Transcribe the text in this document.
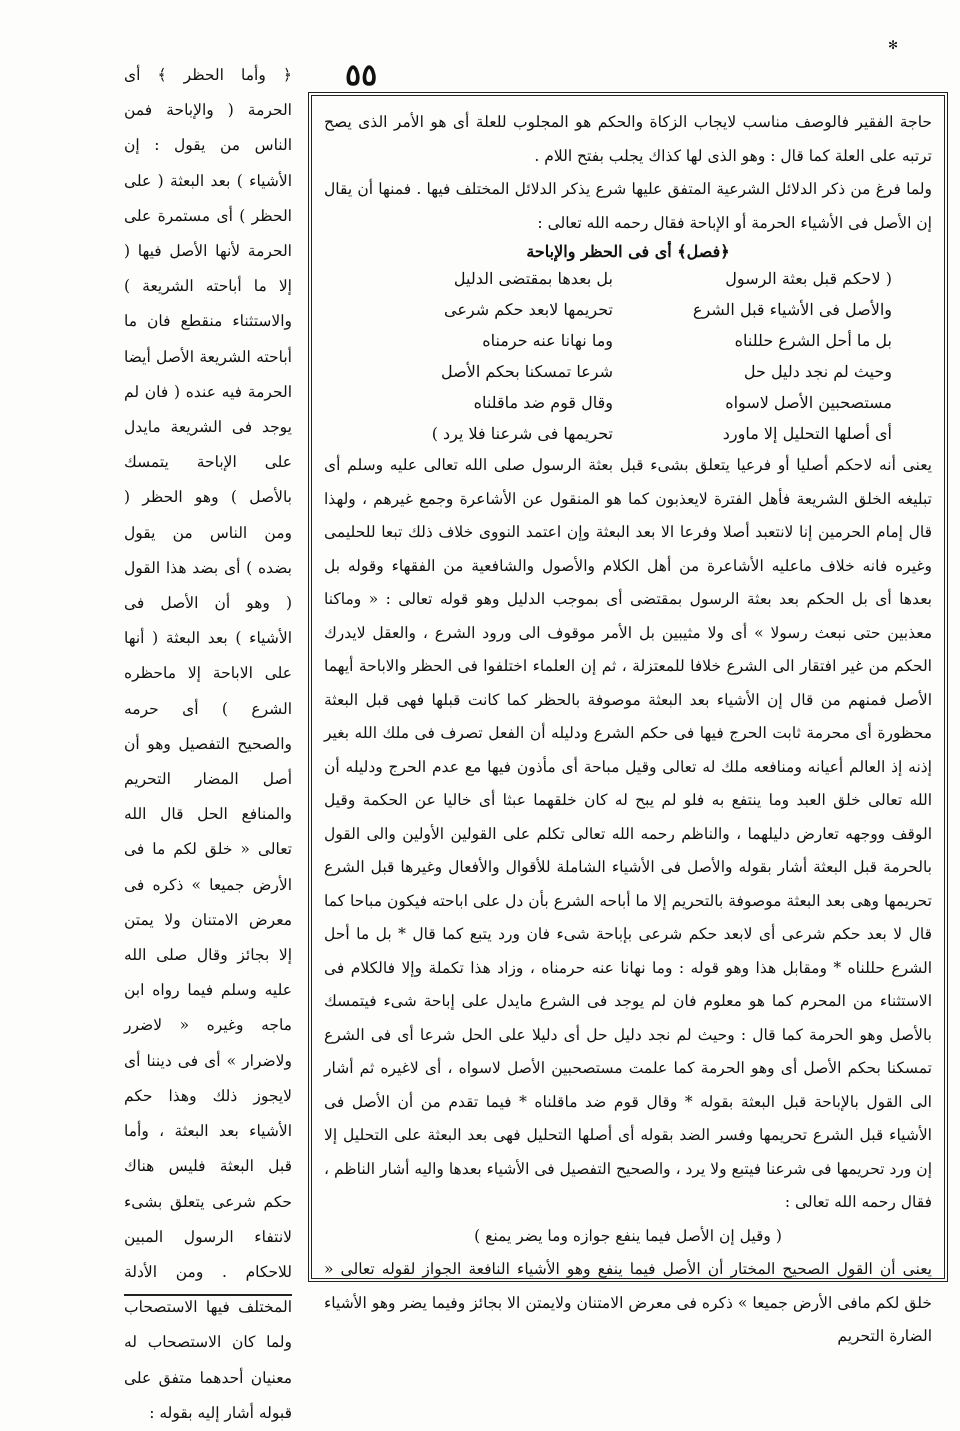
✻
٥٥

حاجة الفقير فالوصف مناسب لايجاب الزكاة والحكم هو المجلوب للعلة أى هو الأمر الذى يصح ترتبه على العلة كما قال : وهو الذى لها كذاك يجلب بفتح اللام .

ولما فرغ من ذكر الدلائل الشرعية المتفق عليها شرع يذكر الدلائل المختلف فيها . فمنها أن يقال إن الأصل فى الأشياء الحرمة أو الإباحة فقال رحمه الله تعالى :

﴿فصل﴾ أى فى الحظر والإباحة
( لاحكم قبل بعثة الرسول
بل بعدها بمقتضى الدليل
والأصل فى الأشياء قبل الشرع
تحريمها لابعد حكم شرعى
بل ما أحل الشرع حللناه
وما نهانا عنه حرمناه
وحيث لم نجد دليل حل
شرعا تمسكنا بحكم الأصل
مستصحبين الأصل لاسواه
وقال قوم ضد ماقلناه
أى أصلها التحليل إلا ماورد
تحريمها فى شرعنا فلا يرد )

يعنى أنه لاحكم أصليا أو فرعيا يتعلق بشىء قبل بعثة الرسول صلى الله تعالى عليه وسلم أى تبليغه الخلق الشريعة فأهل الفترة لايعذبون كما هو المنقول عن الأشاعرة وجمع غيرهم ، ولهذا قال إمام الحرمين إنا لانتعبد أصلا وفرعا الا بعد البعثة وإن اعتمد النووى خلاف ذلك تبعا للحليمى وغيره فانه خلاف ماعليه الأشاعرة من أهل الكلام والأصول والشافعية من الفقهاء وقوله بل بعدها أى بل الحكم بعد بعثة الرسول بمقتضى أى بموجب الدليل وهو قوله تعالى : « وماكنا معذبين حتى نبعث رسولا » أى ولا مثيبين بل الأمر موقوف الى ورود الشرع ، والعقل لايدرك الحكم من غير افتقار الى الشرع خلافا للمعتزلة ، ثم إن العلماء اختلفوا فى الحظر والاباحة أيهما الأصل فمنهم من قال إن الأشياء بعد البعثة موصوفة بالحظر كما كانت قبلها فهى قبل البعثة محظورة أى محرمة ثابت الحرج فيها فى حكم الشرع ودليله أن الفعل تصرف فى ملك الله بغير إذنه إذ العالم أعيانه ومنافعه ملك له تعالى وقيل مباحة أى مأذون فيها مع عدم الحرج ودليله أن الله تعالى خلق العبد وما ينتفع به فلو لم يبح له كان خلقهما عبثا أى خاليا عن الحكمة وقيل الوقف ووجهه تعارض دليلهما ، والناظم رحمه الله تعالى تكلم على القولين الأولين والى القول بالحرمة قبل البعثة أشار بقوله والأصل فى الأشياء الشاملة للأقوال والأفعال وغيرها قبل الشرع تحريمها وهى بعد البعثة موصوفة بالتحريم إلا ما أباحه الشرع بأن دل على اباحته فيكون مباحا كما قال لا بعد حكم شرعى أى لابعد حكم شرعى بإباحة شىء فان ورد يتبع كما قال * بل ما أحل الشرع حللناه * ومقابل هذا وهو قوله : وما نهانا عنه حرمناه ، وزاد هذا تكملة وإلا فالكلام فى الاستثناء من المحرم كما هو معلوم فان لم يوجد فى الشرع مايدل على إباحة شىء فيتمسك بالأصل وهو الحرمة كما قال : وحيث لم نجد دليل حل أى دليلا على الحل شرعا أى فى الشرع تمسكنا بحكم الأصل أى وهو الحرمة كما علمت مستصحبين الأصل لاسواه ، أى لاغيره ثم أشار الى القول بالإباحة قبل البعثة بقوله * وقال قوم ضد ماقلناه * فيما تقدم من أن الأصل فى الأشياء قبل الشرع تحريمها وفسر الضد بقوله أى أصلها التحليل فهى بعد البعثة على التحليل إلا إن ورد تحريمها فى شرعنا فيتبع ولا يرد ، والصحيح التفصيل فى الأشياء بعدها واليه أشار الناظم ، فقال رحمه الله تعالى :

( وقيل إن الأصل فيما ينفع جوازه وما يضر يمنع )

يعنى أن القول الصحيح المختار أن الأصل فيما ينفع وهو الأشياء النافعة الجواز لقوله تعالى « خلق لكم مافى الأرض جميعا » ذكره فى معرض الامتنان ولايمتن الا بجائز وفيما يضر وهو الأشياء الضارة التحريم

﴿ وأما الحظر ﴾ أى الحرمة ( والإباحة فمن الناس من يقول : إن الأشياء ) بعد البعثة ( على الحظر ) أى مستمرة على الحرمة لأنها الأصل فيها ( إلا ما أباحته الشريعة ) والاستثناء منقطع فان ما أباحته الشريعة الأصل أيضا الحرمة فيه عنده ( فان لم يوجد فى الشريعة مايدل على الإباحة يتمسك بالأصل ) وهو الحظر ( ومن الناس من يقول بضده ) أى بضد هذا القول ( وهو أن الأصل فى الأشياء ) بعد البعثة ( أنها على الاباحة إلا ماحظره الشرع ) أى حرمه والصحيح التفصيل وهو أن أصل المضار التحريم والمنافع الحل قال الله تعالى « خلق لكم ما فى الأرض جميعا » ذكره فى معرض الامتنان ولا يمتن إلا بجائز وقال صلى الله عليه وسلم فيما رواه ابن ماجه وغيره « لاضرر ولاضرار » أى فى ديننا أى لايجوز ذلك وهذا حكم الأشياء بعد البعثة ، وأما قبل البعثة فليس هناك حكم شرعى يتعلق بشىء لانتفاء الرسول المبين للاحكام . ومن الأدلة المختلف فيها الاستصحاب ولما كان الاستصحاب له معنيان أحدهما متفق على قبوله أشار إليه بقوله :
